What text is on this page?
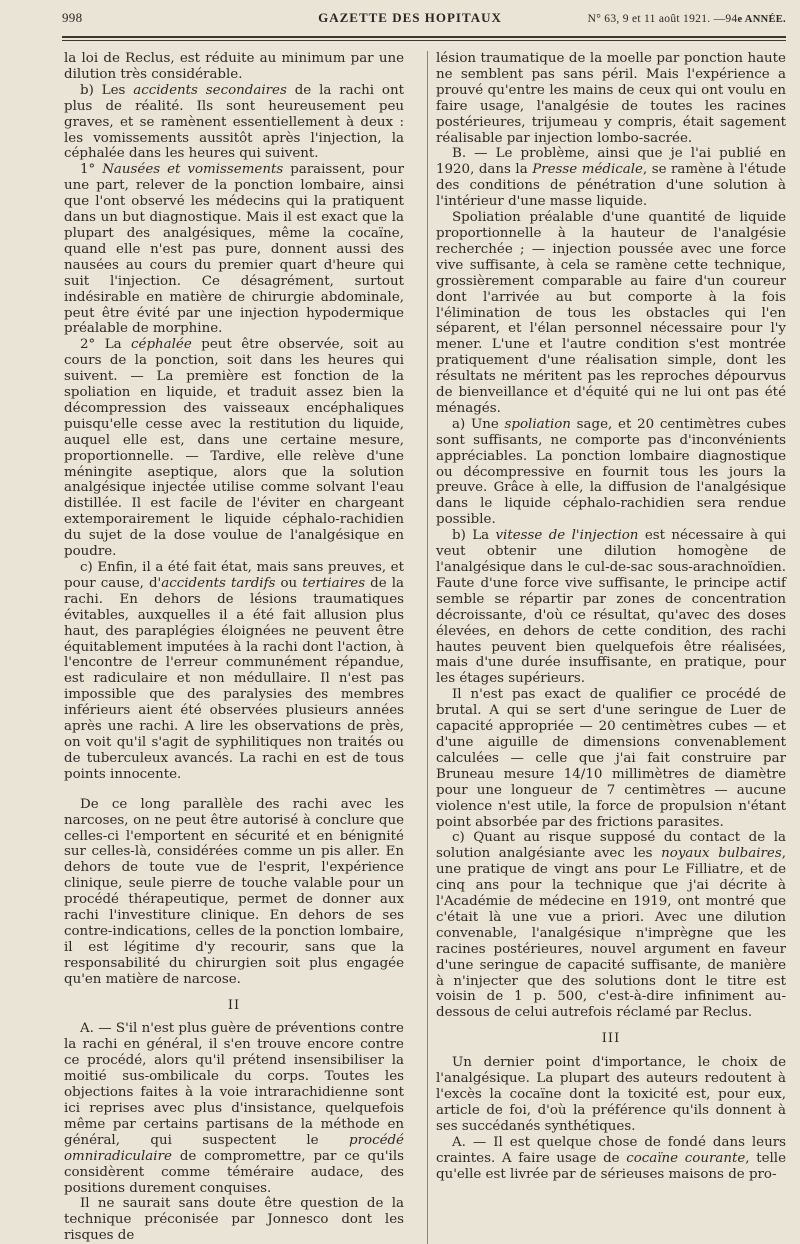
998	GAZETTE DES HOPITAUX	N° 63, 9 et 11 août 1921. —94e ANNÉE.

la loi de Reclus, est réduite au minimum par une dilution très considérable.

b) Les accidents secondaires de la rachi ont plus de réalité. Ils sont heureusement peu graves, et se ramènent essentiellement à deux : les vomissements aussitôt après l'injection, la céphalée dans les heures qui suivent.

1° Nausées et vomissements paraissent, pour une part, relever de la ponction lombaire, ainsi que l'ont observé les médecins qui la pratiquent dans un but diagnostique. Mais il est exact que la plupart des analgésiques, même la cocaïne, quand elle n'est pas pure, donnent aussi des nausées au cours du premier quart d'heure qui suit l'injection. Ce désagrément, surtout indésirable en matière de chirurgie abdominale, peut être évité par une injection hypodermique préalable de morphine.

2° La céphalée peut être observée, soit au cours de la ponction, soit dans les heures qui suivent. — La première est fonction de la spoliation en liquide, et traduit assez bien la décompression des vaisseaux encéphaliques puisqu'elle cesse avec la restitution du liquide, auquel elle est, dans une certaine mesure, proportionnelle. — Tardive, elle relève d'une méningite aseptique, alors que la solution analgésique injectée utilise comme solvant l'eau distillée. Il est facile de l'éviter en chargeant extemporairement le liquide céphalo-rachidien du sujet de la dose voulue de l'analgésique en poudre.

c) Enfin, il a été fait état, mais sans preuves, et pour cause, d'accidents tardifs ou tertiaires de la rachi. En dehors de lésions traumatiques évitables, auxquelles il a été fait allusion plus haut, des paraplégies éloignées ne peuvent être équitablement imputées à la rachi dont l'action, à l'encontre de l'erreur communément répandue, est radiculaire et non médullaire. Il n'est pas impossible que des paralysies des membres inférieurs aient été observées plusieurs années après une rachi. A lire les observations de près, on voit qu'il s'agit de syphilitiques non traités ou de tuberculeux avancés. La rachi en est de tous points innocente.

De ce long parallèle des rachi avec les narcoses, on ne peut être autorisé à conclure que celles-ci l'emportent en sécurité et en bénignité sur celles-là, considérées comme un pis aller. En dehors de toute vue de l'esprit, l'expérience clinique, seule pierre de touche valable pour un procédé thérapeutique, permet de donner aux rachi l'investiture clinique. En dehors de ses contre-indications, celles de la ponction lombaire, il est légitime d'y recourir, sans que la responsabilité du chirurgien soit plus engagée qu'en matière de narcose.

II

A. — S'il n'est plus guère de préventions contre la rachi en général, il s'en trouve encore contre ce procédé, alors qu'il prétend insensibiliser la moitié sus-ombilicale du corps. Toutes les objections faites à la voie intrarachidienne sont ici reprises avec plus d'insistance, quelquefois même par certains partisans de la méthode en général, qui suspectent le procédé omniradiculaire de compromettre, par ce qu'ils considèrent comme téméraire audace, des positions durement conquises.

Il ne saurait sans doute être question de la technique préconisée par Jonnesco dont les risques de

lésion traumatique de la moelle par ponction haute ne semblent pas sans péril. Mais l'expérience a prouvé qu'entre les mains de ceux qui ont voulu en faire usage, l'analgésie de toutes les racines postérieures, trijumeau y compris, était sagement réalisable par injection lombo-sacrée.

B. — Le problème, ainsi que je l'ai publié en 1920, dans la Presse médicale, se ramène à l'étude des conditions de pénétration d'une solution à l'intérieur d'une masse liquide.

Spoliation préalable d'une quantité de liquide proportionnelle à la hauteur de l'analgésie recherchée ; — injection poussée avec une force vive suffisante, à cela se ramène cette technique, grossièrement comparable au faire d'un coureur dont l'arrivée au but comporte à la fois l'élimination de tous les obstacles qui l'en séparent, et l'élan personnel nécessaire pour l'y mener. L'une et l'autre condition s'est montrée pratiquement d'une réalisation simple, dont les résultats ne méritent pas les reproches dépourvus de bienveillance et d'équité qui ne lui ont pas été ménagés.

a) Une spoliation sage, et 20 centimètres cubes sont suffisants, ne comporte pas d'inconvénients appréciables. La ponction lombaire diagnostique ou décompressive en fournit tous les jours la preuve. Grâce à elle, la diffusion de l'analgésique dans le liquide céphalo-rachidien sera rendue possible.

b) La vitesse de l'injection est nécessaire à qui veut obtenir une dilution homogène de l'analgésique dans le cul-de-sac sous-arachnoïdien. Faute d'une force vive suffisante, le principe actif semble se répartir par zones de concentration décroissante, d'où ce résultat, qu'avec des doses élevées, en dehors de cette condition, des rachi hautes peuvent bien quelquefois être réalisées, mais d'une durée insuffisante, en pratique, pour les étages supérieurs.

Il n'est pas exact de qualifier ce procédé de brutal. A qui se sert d'une seringue de Luer de capacité appropriée — 20 centimètres cubes — et d'une aiguille de dimensions convenablement calculées — celle que j'ai fait construire par Bruneau mesure 14/10 millimètres de diamètre pour une longueur de 7 centimètres — aucune violence n'est utile, la force de propulsion n'étant point absorbée par des frictions parasites.

c) Quant au risque supposé du contact de la solution analgésiante avec les noyaux bulbaires, une pratique de vingt ans pour Le Filliatre, et de cinq ans pour la technique que j'ai décrite à l'Académie de médecine en 1919, ont montré que c'était là une vue a priori. Avec une dilution convenable, l'analgésique n'imprègne que les racines postérieures, nouvel argument en faveur d'une seringue de capacité suffisante, de manière à n'injecter que des solutions dont le titre est voisin de 1 p. 500, c'est-à-dire infiniment au-dessous de celui autrefois réclamé par Reclus.

III

Un dernier point d'importance, le choix de l'analgésique. La plupart des auteurs redoutent à l'excès la cocaïne dont la toxicité est, pour eux, article de foi, d'où la préférence qu'ils donnent à ses succédanés synthétiques.

A. — Il est quelque chose de fondé dans leurs craintes. A faire usage de cocaïne courante, telle qu'elle est livrée par de sérieuses maisons de pro-
